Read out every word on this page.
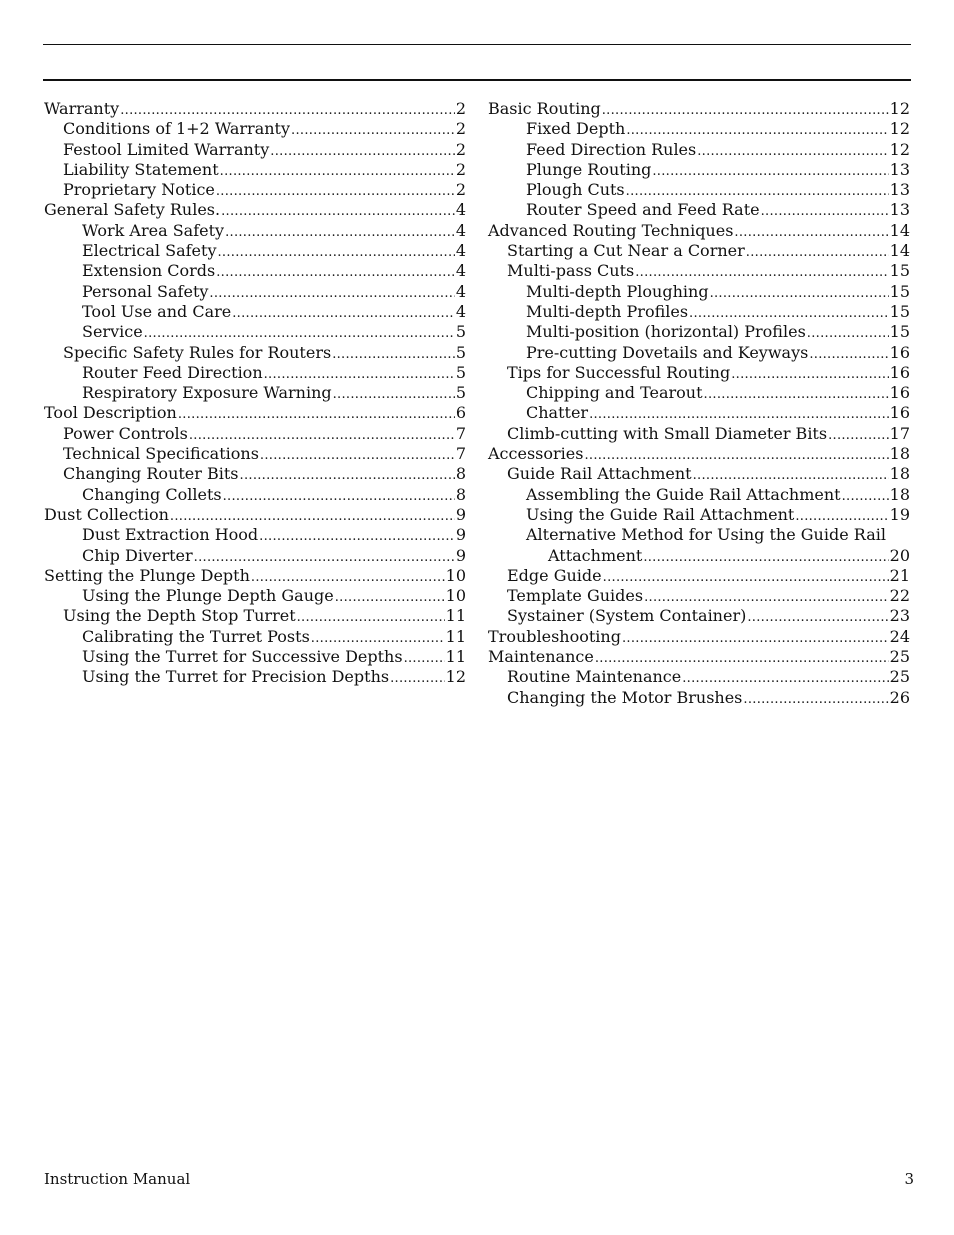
Warranty .....	2
Conditions of 1+2 Warranty .....	2
Festool Limited Warranty .....	2
Liability Statement .....	2
Proprietary Notice .....	2
General Safety Rules. .....	4
Work Area Safety .....	4
Electrical Safety .....	4
Extension Cords .....	4
Personal Safety .....	4
Tool Use and Care .....	4
Service .....	5
Specific Safety Rules for Routers .....	5
Router Feed Direction .....	5
Respiratory Exposure Warning .....	5
Tool Description .....	6
Power Controls .....	7
Technical Specifications .....	7
Changing Router Bits .....	8
Changing Collets .....	8
Dust Collection .....	9
Dust Extraction Hood .....	9
Chip Diverter .....	9
Setting the Plunge Depth .....	10
Using the Plunge Depth Gauge .....	10
Using the Depth Stop Turret .....	11
Calibrating the Turret Posts .....	11
Using the Turret for Successive Depths .....	11
Using the Turret for Precision Depths .....	12
Basic Routing .....	12
Fixed Depth .....	12
Feed Direction Rules .....	12
Plunge Routing .....	13
Plough Cuts .....	13
Router Speed and Feed Rate .....	13
Advanced Routing Techniques .....	14
Starting a Cut Near a Corner .....	14
Multi-pass Cuts .....	15
Multi-depth Ploughing .....	15
Multi-depth Profiles .....	15
Multi-position (horizontal) Profiles .....	15
Pre-cutting Dovetails and Keyways .....	16
Tips for Successful Routing .....	16
Chipping and Tearout .....	16
Chatter .....	16
Climb-cutting with Small Diameter Bits .....	17
Accessories .....	18
Guide Rail Attachment .....	18
Assembling the Guide Rail Attachment .....	18
Using the Guide Rail Attachment .....	19
Alternative Method for Using the Guide Rail
Attachment .....	20
Edge Guide .....	21
Template Guides .....	22
Systainer (System Container) .....	23
Troubleshooting .....	24
Maintenance .....	25
Routine Maintenance .....	25
Changing the Motor Brushes .....	26
Instruction Manual	3
